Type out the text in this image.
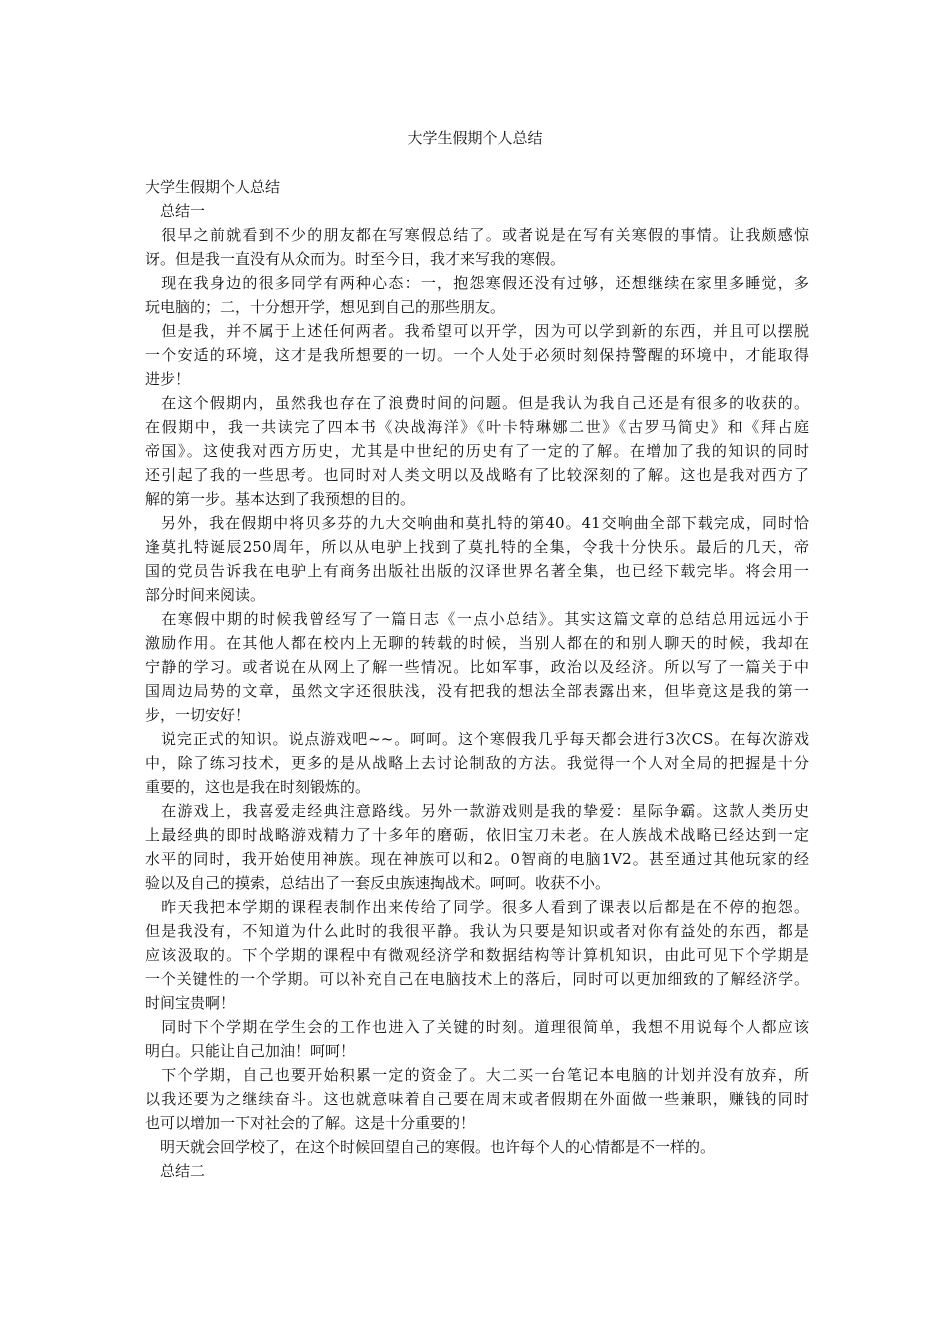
大学生假期个人总结
大学生假期个人总结
　总结一
　很早之前就看到不少的朋友都在写寒假总结了。或者说是在写有关寒假的事情。让我颇感惊
讶。但是我一直没有从众而为。时至今日，我才来写我的寒假。
　现在我身边的很多同学有两种心态：一，抱怨寒假还没有过够，还想继续在家里多睡觉，多
玩电脑的；二，十分想开学，想见到自己的那些朋友。
　但是我，并不属于上述任何两者。我希望可以开学，因为可以学到新的东西，并且可以摆脱
一个安适的环境，这才是我所想要的一切。一个人处于必须时刻保持警醒的环境中，才能取得
进步！
　在这个假期内，虽然我也存在了浪费时间的问题。但是我认为我自己还是有很多的收获的。
在假期中，我一共读完了四本书《决战海洋》《叶卡特琳娜二世》《古罗马简史》和《拜占庭
帝国》。这使我对西方历史，尤其是中世纪的历史有了一定的了解。在增加了我的知识的同时
还引起了我的一些思考。也同时对人类文明以及战略有了比较深刻的了解。这也是我对西方了
解的第一步。基本达到了我预想的目的。
　另外，我在假期中将贝多芬的九大交响曲和莫扎特的第40。41交响曲全部下载完成，同时恰
逢莫扎特诞辰250周年，所以从电驴上找到了莫扎特的全集，令我十分快乐。最后的几天，帝
国的党员告诉我在电驴上有商务出版社出版的汉译世界名著全集，也已经下载完毕。将会用一
部分时间来阅读。
　在寒假中期的时候我曾经写了一篇日志《一点小总结》。其实这篇文章的总结总用远远小于
激励作用。在其他人都在校内上无聊的转载的时候，当别人都在的和别人聊天的时候，我却在
宁静的学习。或者说在从网上了解一些情况。比如军事，政治以及经济。所以写了一篇关于中
国周边局势的文章，虽然文字还很肤浅，没有把我的想法全部表露出来，但毕竟这是我的第一
步，一切安好！
　说完正式的知识。说点游戏吧~~。呵呵。这个寒假我几乎每天都会进行3次CS。在每次游戏
中，除了练习技术，更多的是从战略上去讨论制敌的方法。我觉得一个人对全局的把握是十分
重要的，这也是我在时刻锻炼的。
　在游戏上，我喜爱走经典注意路线。另外一款游戏则是我的挚爱：星际争霸。这款人类历史
上最经典的即时战略游戏精力了十多年的磨砺，依旧宝刀未老。在人族战术战略已经达到一定
水平的同时，我开始使用神族。现在神族可以和2。0智商的电脑1V2。甚至通过其他玩家的经
验以及自己的摸索，总结出了一套反虫族速掏战术。呵呵。收获不小。
　昨天我把本学期的课程表制作出来传给了同学。很多人看到了课表以后都是在不停的抱怨。
但是我没有，不知道为什么此时的我很平静。我认为只要是知识或者对你有益处的东西，都是
应该汲取的。下个学期的课程中有微观经济学和数据结构等计算机知识，由此可见下个学期是
一个关键性的一个学期。可以补充自己在电脑技术上的落后，同时可以更加细致的了解经济学。
时间宝贵啊！
　同时下个学期在学生会的工作也进入了关键的时刻。道理很简单，我想不用说每个人都应该
明白。只能让自己加油！呵呵！
　下个学期，自己也要开始积累一定的资金了。大二买一台笔记本电脑的计划并没有放弃，所
以我还要为之继续奋斗。这也就意味着自己要在周末或者假期在外面做一些兼职，赚钱的同时
也可以增加一下对社会的了解。这是十分重要的！
　明天就会回学校了，在这个时候回望自己的寒假。也许每个人的心情都是不一样的。
　总结二
